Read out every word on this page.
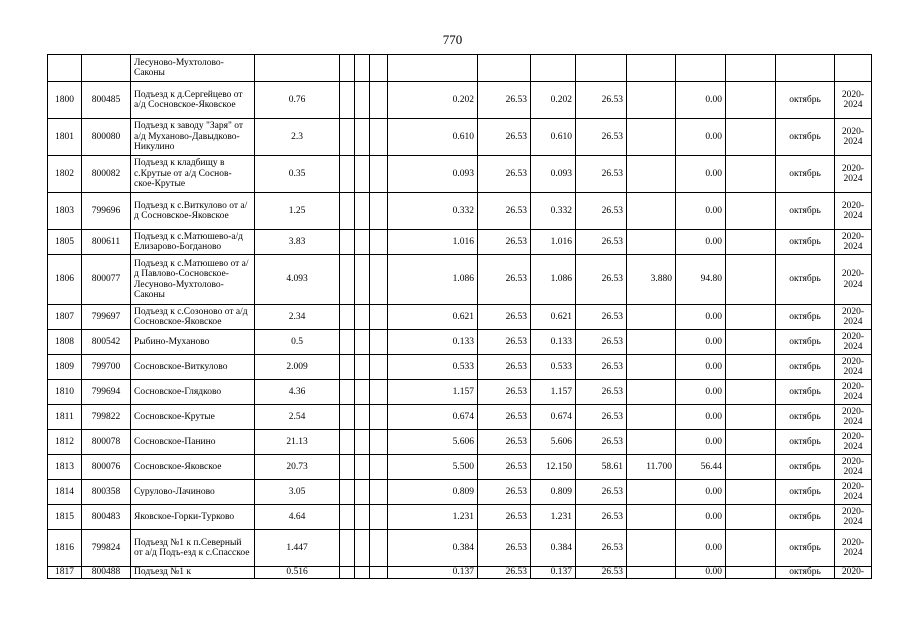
770
		Лесуново-Мухтолово-Саконы													
1800	800485	Подъезд к д.Сергейцево от а/д Сосновское-Яковское	0.76				0.202	26.53	0.202	26.53		0.00		октябрь	2020-2024
1801	800080	Подъезд к заводу "Заря" от а/д Муханово-Давыдково-Никулино	2.3				0.610	26.53	0.610	26.53		0.00		октябрь	2020-2024
1802	800082	Подъезд к кладбищу в с.Крутые от а/д Соснов-ское-Крутые	0.35				0.093	26.53	0.093	26.53		0.00		октябрь	2020-2024
1803	799696	Подъезд к с.Виткулово от а/д Сосновское-Яковское	1.25				0.332	26.53	0.332	26.53		0.00		октябрь	2020-2024
1805	800611	Подъезд к с.Матюшево-а/д Елизарово-Богданово	3.83				1.016	26.53	1.016	26.53		0.00		октябрь	2020-2024
1806	800077	Подъезд к с.Матюшево от а/д Павлово-Сосновское-Лесуново-Мухтолово-Саконы	4.093				1.086	26.53	1.086	26.53	3.880	94.80		октябрь	2020-2024
1807	799697	Подъезд к с.Созоново от а/д Сосновское-Яковское	2.34				0.621	26.53	0.621	26.53		0.00		октябрь	2020-2024
1808	800542	Рыбино-Муханово	0.5				0.133	26.53	0.133	26.53		0.00		октябрь	2020-2024
1809	799700	Сосновское-Виткулово	2.009				0.533	26.53	0.533	26.53		0.00		октябрь	2020-2024
1810	799694	Сосновское-Глядково	4.36				1.157	26.53	1.157	26.53		0.00		октябрь	2020-2024
1811	799822	Сосновское-Крутые	2.54				0.674	26.53	0.674	26.53		0.00		октябрь	2020-2024
1812	800078	Сосновское-Панино	21.13				5.606	26.53	5.606	26.53		0.00		октябрь	2020-2024
1813	800076	Сосновское-Яковское	20.73				5.500	26.53	12.150	58.61	11.700	56.44		октябрь	2020-2024
1814	800358	Сурулово-Лачиново	3.05				0.809	26.53	0.809	26.53		0.00		октябрь	2020-2024
1815	800483	Яковское-Горки-Турково	4.64				1.231	26.53	1.231	26.53		0.00		октябрь	2020-2024
1816	799824	Подъезд №1 к п.Северный от а/д Подъ-езд к с.Спасское	1.447				0.384	26.53	0.384	26.53		0.00		октябрь	2020-2024
1817	800488	Подъезд №1 к	0.516				0.137	26.53	0.137	26.53		0.00		октябрь	2020-
